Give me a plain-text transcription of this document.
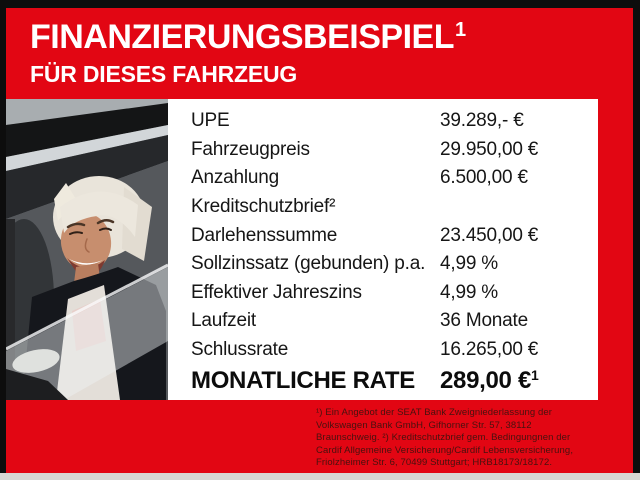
FINANZIERUNGSBEISPIEL$^1$
FÜR DIESES FAHRZEUG
UPE	39.289,- €
Fahrzeugpreis	29.950,00 €
Anzahlung	6.500,00 €
Kreditschutzbrief²
Darlehenssumme	23.450,00 €
Sollzinssatz (gebunden) p.a. 4,99 %
Effektiver Jahreszins	4,99 %
Laufzeit	36 Monate
Schlussrate	16.265,00 €
MONATLICHE RATE	289,00 €$^1$
¹) Ein Angebot der SEAT Bank Zweigniederlassung der
Volkswagen Bank GmbH, Gifhorner Str. 57, 38112
Braunschweig. ²) Kreditschutzbrief gem. Bedingungnen der
Cardif Allgemeine Versicherung/Cardif Lebensversicherung,
Friolzheimer Str. 6, 70499 Stuttgart; HRB18173/18172.
